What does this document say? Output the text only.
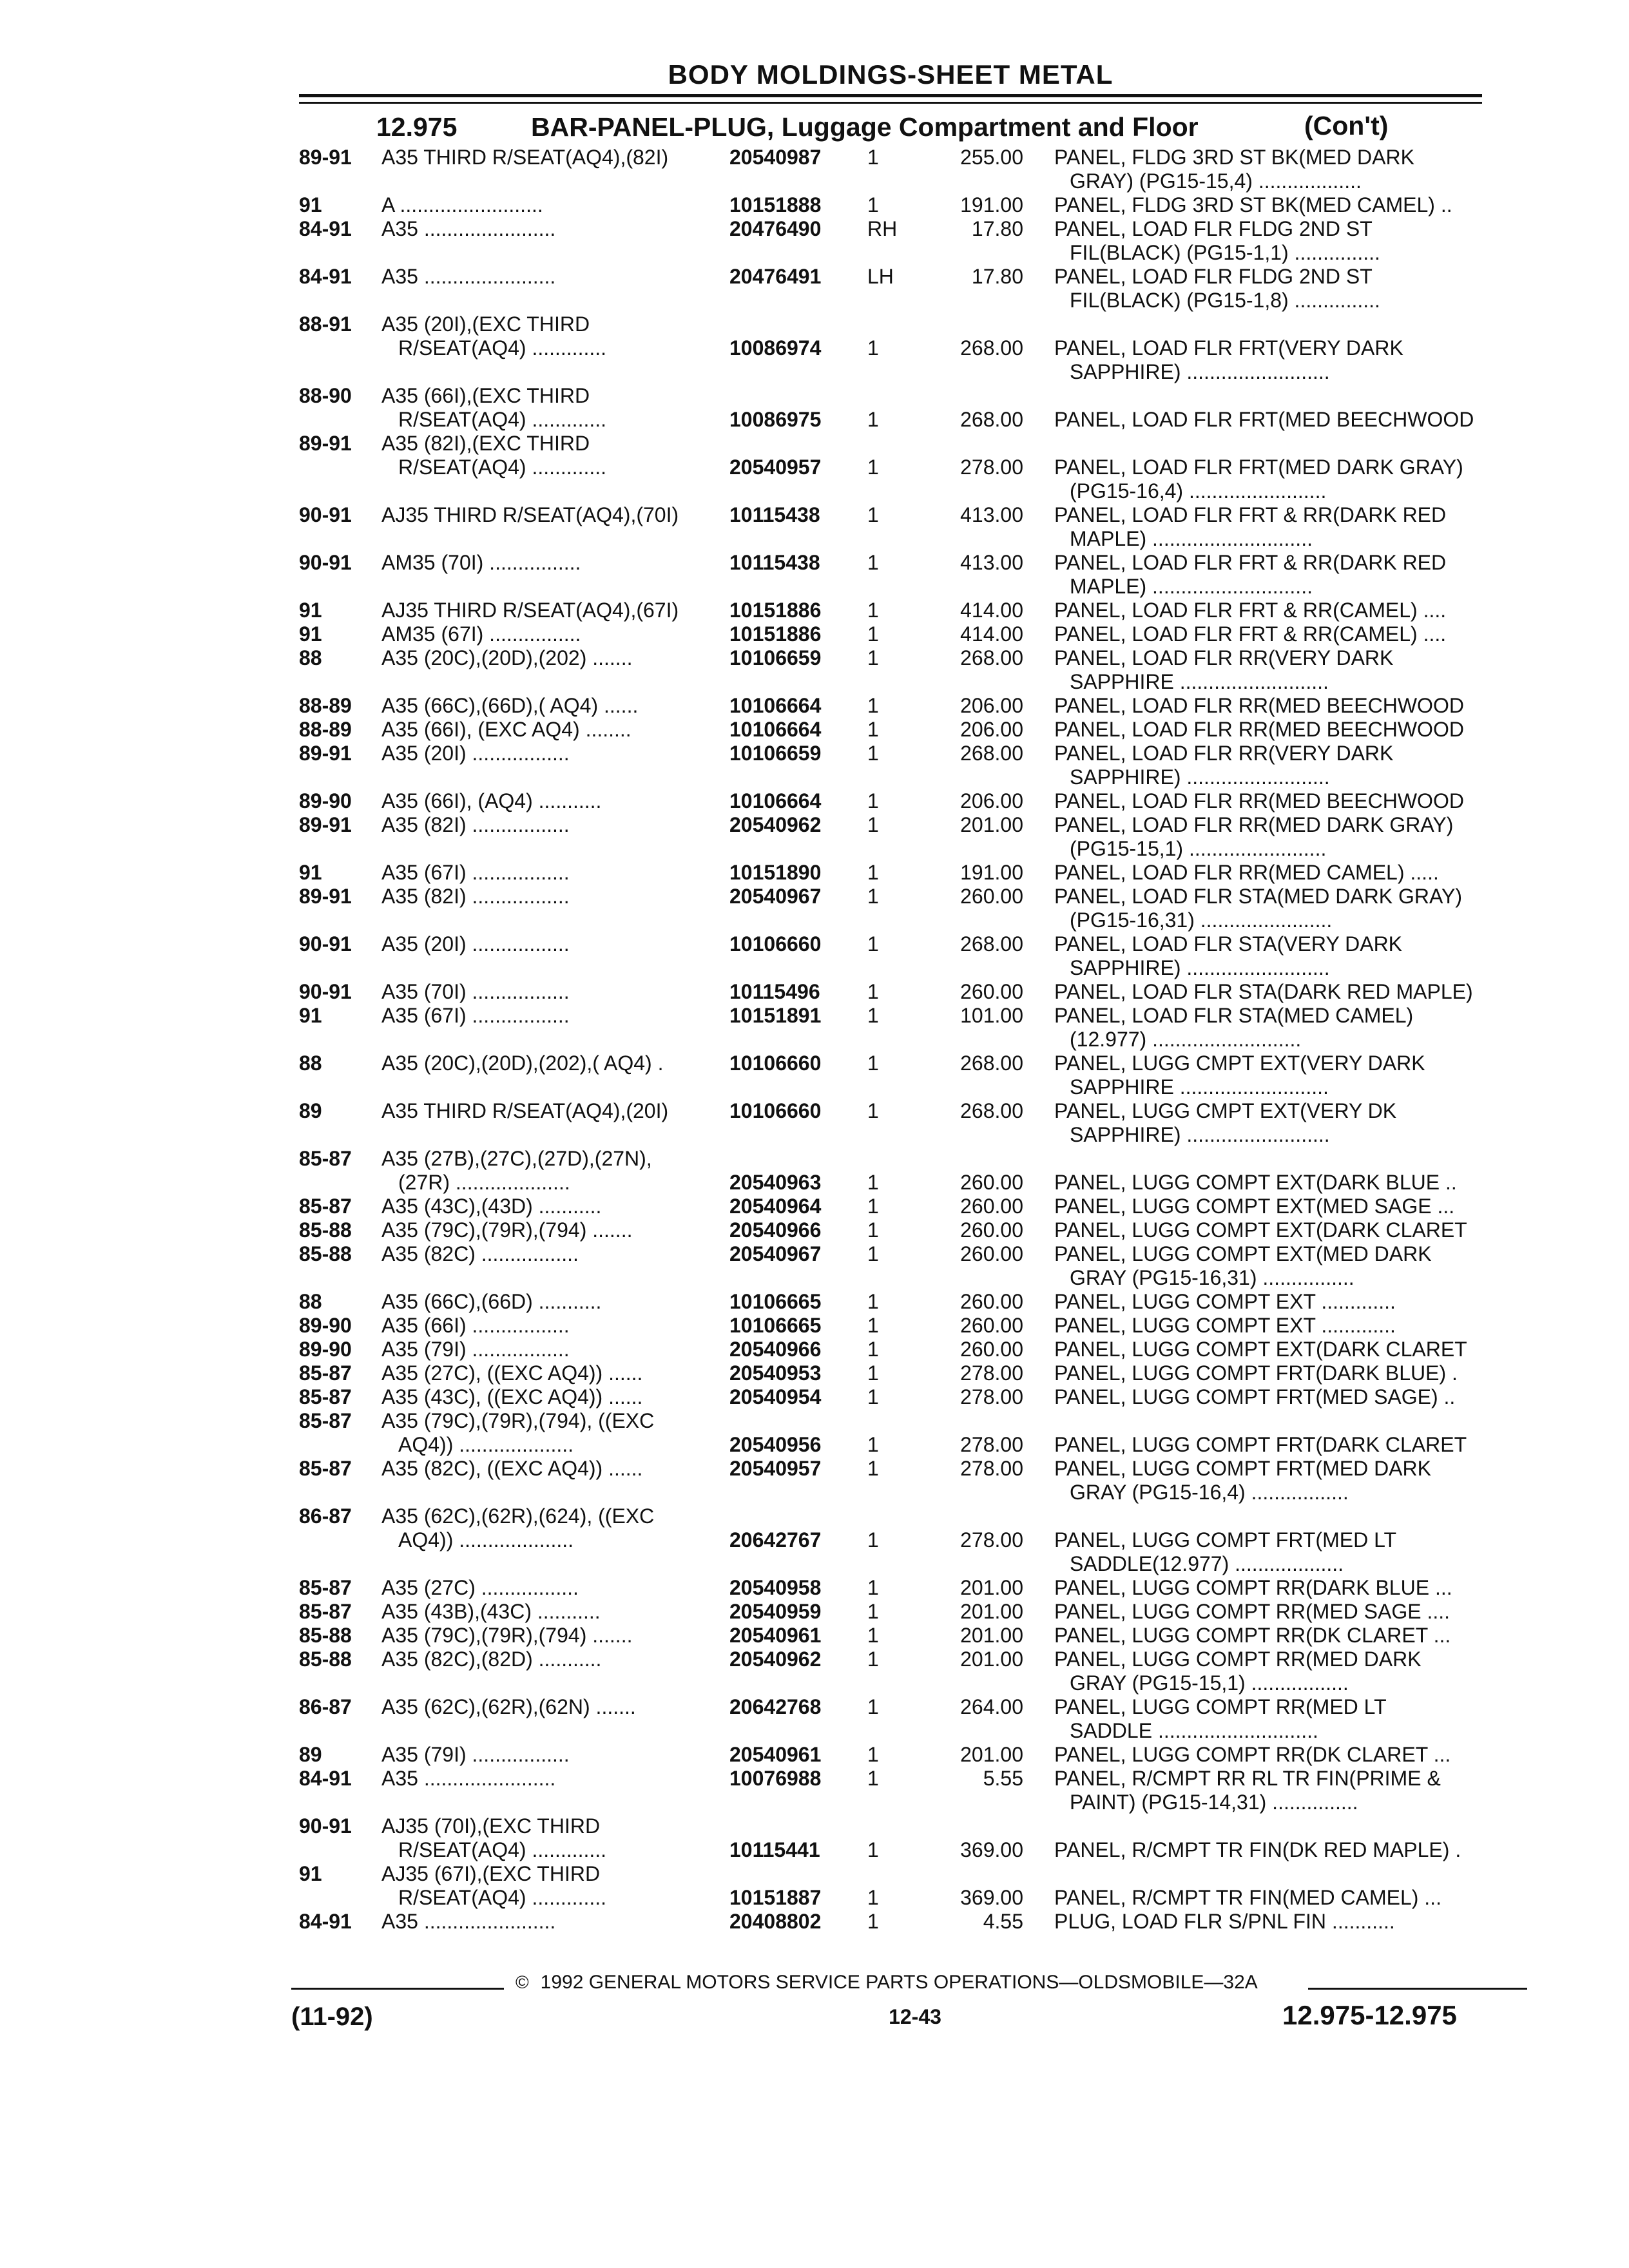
BODY MOLDINGS-SHEET METAL
12.975	BAR-PANEL-PLUG, Luggage Compartment and Floor	(Con't)
89-91 A35 THIRD R/SEAT(AQ4),(82I)	20540987	1	255.00 PANEL, FLDG 3RD ST BK(MED DARK
GRAY) (PG15-15,4) ..................
91	A .........................	10151888	1	191.00 PANEL, FLDG 3RD ST BK(MED CAMEL) ..
84-91 A35 .......................	20476490	RH	17.80 PANEL, LOAD FLR FLDG 2ND ST
FIL(BLACK) (PG15-1,1) ...............
84-91 A35 .......................	20476491	LH	17.80 PANEL, LOAD FLR FLDG 2ND ST
FIL(BLACK) (PG15-1,8) ...............
88-91 A35 (20I),(EXC THIRD
R/SEAT(AQ4) .............	10086974	1	268.00 PANEL, LOAD FLR FRT(VERY DARK
SAPPHIRE) .........................
88-90 A35 (66I),(EXC THIRD
R/SEAT(AQ4) .............	10086975	1	268.00 PANEL, LOAD FLR FRT(MED BEECHWOOD
89-91 A35 (82I),(EXC THIRD
R/SEAT(AQ4) .............	20540957	1	278.00 PANEL, LOAD FLR FRT(MED DARK GRAY)
(PG15-16,4) ........................
90-91 AJ35 THIRD R/SEAT(AQ4),(70I)	10115438	1	413.00 PANEL, LOAD FLR FRT & RR(DARK RED
MAPLE) ............................
90-91 AM35 (70I) ................	10115438	1	413.00 PANEL, LOAD FLR FRT & RR(DARK RED
MAPLE) ............................
91	AJ35 THIRD R/SEAT(AQ4),(67I)	10151886	1	414.00 PANEL, LOAD FLR FRT & RR(CAMEL) ....
91	AM35 (67I) ................	10151886	1	414.00 PANEL, LOAD FLR FRT & RR(CAMEL) ....
88	A35 (20C),(20D),(202) .......	10106659	1	268.00 PANEL, LOAD FLR RR(VERY DARK
SAPPHIRE ..........................
88-89 A35 (66C),(66D),( AQ4) ......	10106664	1	206.00 PANEL, LOAD FLR RR(MED BEECHWOOD
88-89 A35 (66I), (EXC AQ4) ........	10106664	1	206.00 PANEL, LOAD FLR RR(MED BEECHWOOD
89-91 A35 (20I) .................	10106659	1	268.00 PANEL, LOAD FLR RR(VERY DARK
SAPPHIRE) .........................
89-90 A35 (66I), (AQ4) ...........	10106664	1	206.00 PANEL, LOAD FLR RR(MED BEECHWOOD
89-91 A35 (82I) .................	20540962	1	201.00 PANEL, LOAD FLR RR(MED DARK GRAY)
(PG15-15,1) ........................
91	A35 (67I) .................	10151890	1	191.00 PANEL, LOAD FLR RR(MED CAMEL) .....
89-91 A35 (82I) .................	20540967	1	260.00 PANEL, LOAD FLR STA(MED DARK GRAY)
(PG15-16,31) .......................
90-91 A35 (20I) .................	10106660	1	268.00 PANEL, LOAD FLR STA(VERY DARK
SAPPHIRE) .........................
90-91 A35 (70I) .................	10115496	1	260.00 PANEL, LOAD FLR STA(DARK RED MAPLE)
91	A35 (67I) .................	10151891	1	101.00 PANEL, LOAD FLR STA(MED CAMEL)
(12.977) ..........................
88	A35 (20C),(20D),(202),( AQ4) .	10106660	1	268.00 PANEL, LUGG CMPT EXT(VERY DARK
SAPPHIRE ..........................
89	A35 THIRD R/SEAT(AQ4),(20I)	10106660	1	268.00 PANEL, LUGG CMPT EXT(VERY DK
SAPPHIRE) .........................
85-87 A35 (27B),(27C),(27D),(27N),
(27R) ....................	20540963	1	260.00 PANEL, LUGG COMPT EXT(DARK BLUE ..
85-87 A35 (43C),(43D) ...........	20540964	1	260.00 PANEL, LUGG COMPT EXT(MED SAGE ...
85-88 A35 (79C),(79R),(794) .......	20540966	1	260.00 PANEL, LUGG COMPT EXT(DARK CLARET
85-88 A35 (82C) .................	20540967	1	260.00 PANEL, LUGG COMPT EXT(MED DARK
GRAY (PG15-16,31) ................
88	A35 (66C),(66D) ...........	10106665	1	260.00 PANEL, LUGG COMPT EXT .............
89-90 A35 (66I) .................	10106665	1	260.00 PANEL, LUGG COMPT EXT .............
89-90 A35 (79I) .................	20540966	1	260.00 PANEL, LUGG COMPT EXT(DARK CLARET
85-87 A35 (27C), ((EXC AQ4)) ......	20540953	1	278.00 PANEL, LUGG COMPT FRT(DARK BLUE) .
85-87 A35 (43C), ((EXC AQ4)) ......	20540954	1	278.00 PANEL, LUGG COMPT FRT(MED SAGE) ..
85-87 A35 (79C),(79R),(794), ((EXC
AQ4)) ....................	20540956	1	278.00 PANEL, LUGG COMPT FRT(DARK CLARET
85-87 A35 (82C), ((EXC AQ4)) ......	20540957	1	278.00 PANEL, LUGG COMPT FRT(MED DARK
GRAY (PG15-16,4) .................
86-87 A35 (62C),(62R),(624), ((EXC
AQ4)) ....................	20642767	1	278.00 PANEL, LUGG COMPT FRT(MED LT
SADDLE(12.977) ...................
85-87 A35 (27C) .................	20540958	1	201.00 PANEL, LUGG COMPT RR(DARK BLUE ...
85-87 A35 (43B),(43C) ...........	20540959	1	201.00 PANEL, LUGG COMPT RR(MED SAGE ....
85-88 A35 (79C),(79R),(794) .......	20540961	1	201.00 PANEL, LUGG COMPT RR(DK CLARET ...
85-88 A35 (82C),(82D) ...........	20540962	1	201.00 PANEL, LUGG COMPT RR(MED DARK
GRAY (PG15-15,1) .................
86-87 A35 (62C),(62R),(62N) .......	20642768	1	264.00 PANEL, LUGG COMPT RR(MED LT
SADDLE ............................
89	A35 (79I) .................	20540961	1	201.00 PANEL, LUGG COMPT RR(DK CLARET ...
84-91 A35 .......................	10076988	1	5.55 PANEL, R/CMPT RR RL TR FIN(PRIME &
PAINT) (PG15-14,31) ...............
90-91 AJ35 (70I),(EXC THIRD
R/SEAT(AQ4) .............	10115441	1	369.00 PANEL, R/CMPT TR FIN(DK RED MAPLE) .
91	AJ35 (67I),(EXC THIRD
R/SEAT(AQ4) .............	10151887	1	369.00 PANEL, R/CMPT TR FIN(MED CAMEL) ...
84-91 A35 .......................	20408802	1	4.55 PLUG, LOAD FLR S/PNL FIN ...........
© 1992 GENERAL MOTORS SERVICE PARTS OPERATIONS—OLDSMOBILE—32A
(11-92)	12-43	12.975-12.975
